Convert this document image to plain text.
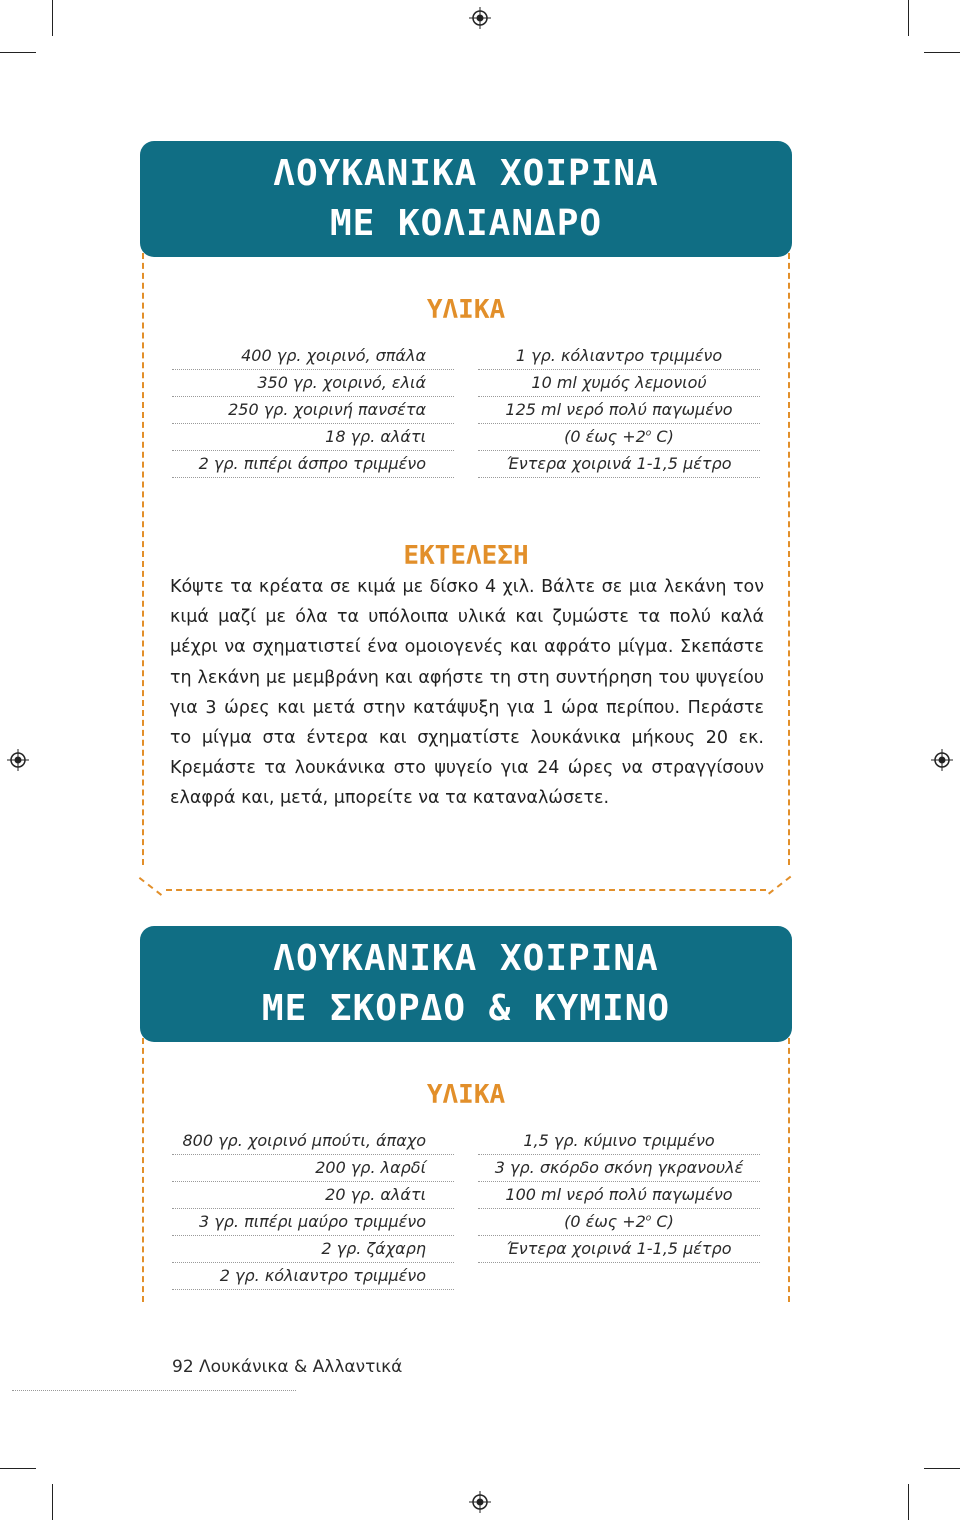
ΛΟΥΚΑΝΙΚΑ ΧΟΙΡΙΝΑ
ΜΕ ΚΟΛΙΑΝΔΡΟ
ΥΛΙΚΑ
400 γρ. χοιρινό, σπάλα
350 γρ. χοιρινό, ελιά
250 γρ. χοιρινή πανσέτα
18 γρ. αλάτι
2 γρ. πιπέρι άσπρο τριμμένο
1 γρ. κόλιαντρο τριμμένο
10 ml χυμός λεμονιού
125 ml νερό πολύ παγωμένο
(0 $έ\omega\varsigma +2^o$ C)
Έντερα χοιρινά 1-1,5 μέτρο
ΕΚΤΕΛΕΣΗ

Κόψτε τα κρέατα σε κιμά με δίσκο 4 χιλ. Βάλτε σε μια λεκάνη τον κιμά μαζί με όλα τα υπόλοιπα υλικά και ζυμώστε τα πολύ καλά μέχρι να σχηματιστεί ένα ομοιογενές και αφράτο μίγμα. Σκεπάστε τη λεκάνη με μεμβράνη και αφήστε τη στη συντήρηση του ψυγείου για 3 ώρες και μετά στην κατάψυξη για 1 ώρα περίπου. Περάστε το μίγμα στα έντερα και σχηματίστε λουκάνικα μήκους 20 εκ. Κρεμάστε τα λουκάνικα στο ψυγείο για 24 ώρες να στραγγίσουν ελαφρά και, μετά, μπορείτε να τα καταναλώσετε.

ΛΟΥΚΑΝΙΚΑ ΧΟΙΡΙΝΑ
ΜΕ ΣΚΟΡΔΟ & ΚΥΜΙΝΟ
ΥΛΙΚΑ
800 γρ. χοιρινό μπούτι, άπαχο
200 γρ. λαρδί
20 γρ. αλάτι
3 γρ. πιπέρι μαύρο τριμμένο
2 γρ. ζάχαρη
2 γρ. κόλιαντρο τριμμένο
1,5 γρ. κύμινο τριμμένο
3 γρ. σκόρδο σκόνη γκρανουλέ
100 ml νερό πολύ παγωμένο
(0 $έ\omega\varsigma +2^o$ C)
Έντερα χοιρινά 1-1,5 μέτρο
92 Λουκάνικα & Αλλαντικά
